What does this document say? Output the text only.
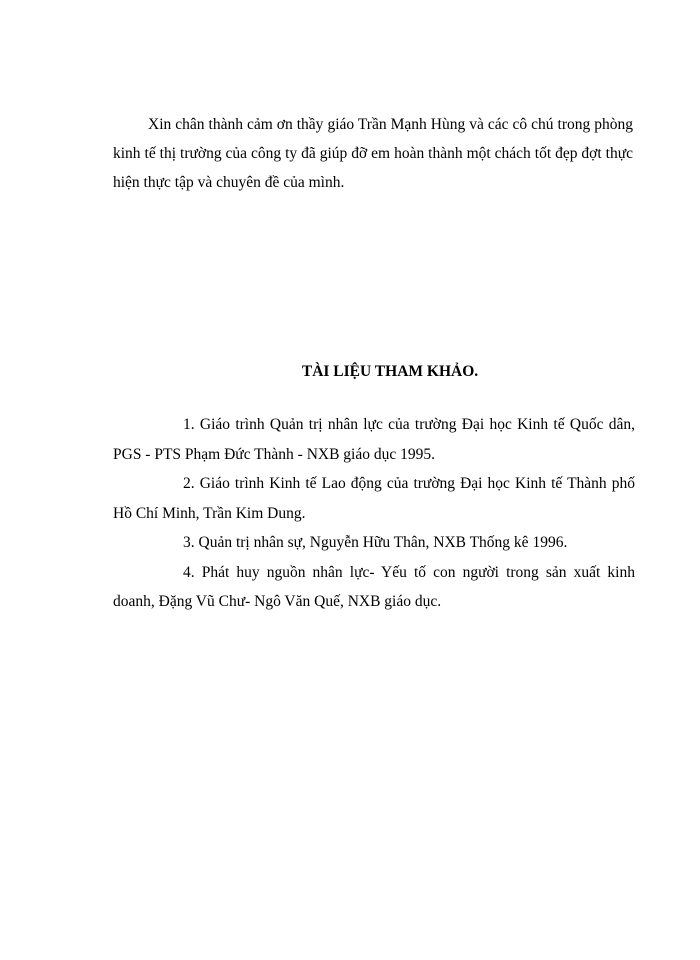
Xin chân thành cảm ơn thầy giáo Trần Mạnh Hùng và các cô chú trong phòng kinh tế thị trường của công ty đã giúp đỡ em hoàn thành một chách tốt đẹp đợt thực hiện thực tập và chuyên đề của mình.

TÀI LIỆU THAM KHẢO.
1. Giáo trình Quản trị nhân lực của trường Đại học Kinh tế Quốc dân, PGS - PTS Phạm Đức Thành - NXB giáo dục 1995.
2. Giáo trình Kinh tế Lao động của trường Đại học Kinh tế Thành phố Hồ Chí Minh, Trần Kim Dung.
3. Quản trị nhân sự, Nguyễn Hữu Thân, NXB Thống kê 1996.
4. Phát huy nguồn nhân lực- Yếu tố con người trong sản xuất kinh doanh, Đặng Vũ Chư- Ngô Văn Quế, NXB giáo dục.
